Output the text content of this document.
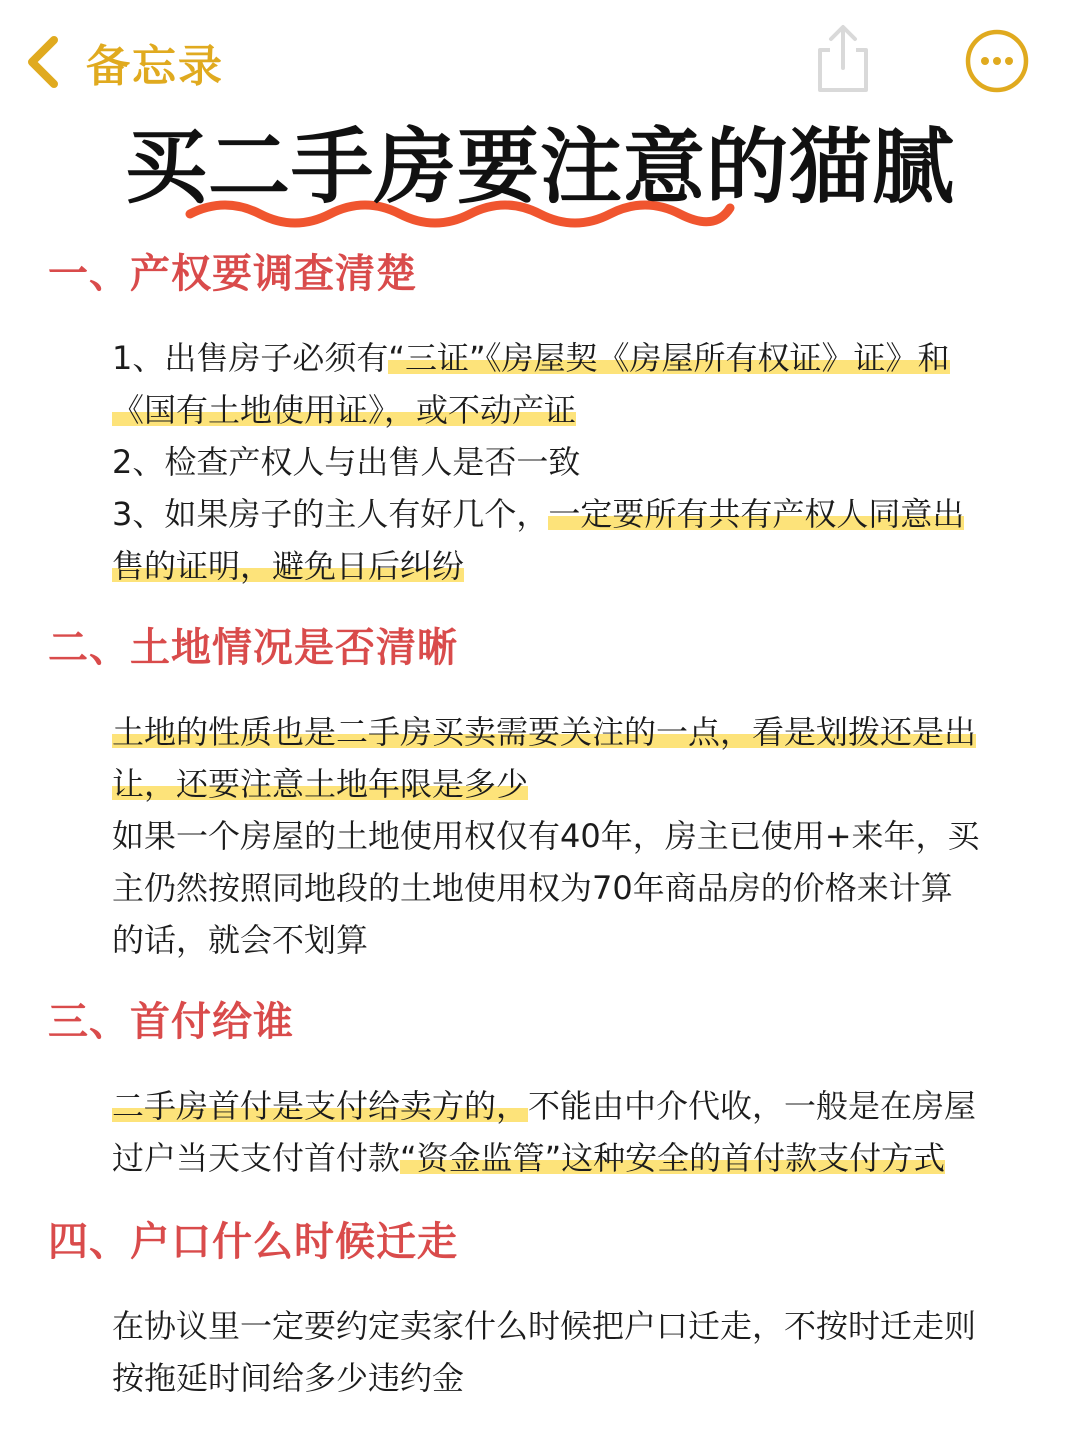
备忘录
买二手房要注意的猫腻
一、产权要调查清楚

1、出售房子必须有“三证”《房屋契《房屋所有权证》证》和《国有土地使用证》，或不动产证

2、检查产权人与出售人是否一致

3、如果房子的主人有好几个，一定要所有共有产权人同意出售的证明，避免日后纠纷

二、土地情况是否清晰

土地的性质也是二手房买卖需要关注的一点，看是划拨还是出让，还要注意土地年限是多少

如果一个房屋的土地使用权仅有40年，房主已使用+来年，买主仍然按照同地段的土地使用权为70年商品房的价格来计算的话，就会不划算

三、首付给谁

二手房首付是支付给卖方的，不能由中介代收，一般是在房屋过户当天支付首付款“资金监管”这种安全的首付款支付方式

四、户口什么时候迁走

在协议里一定要约定卖家什么时候把户口迁走，不按时迁走则按拖延时间给多少违约金
